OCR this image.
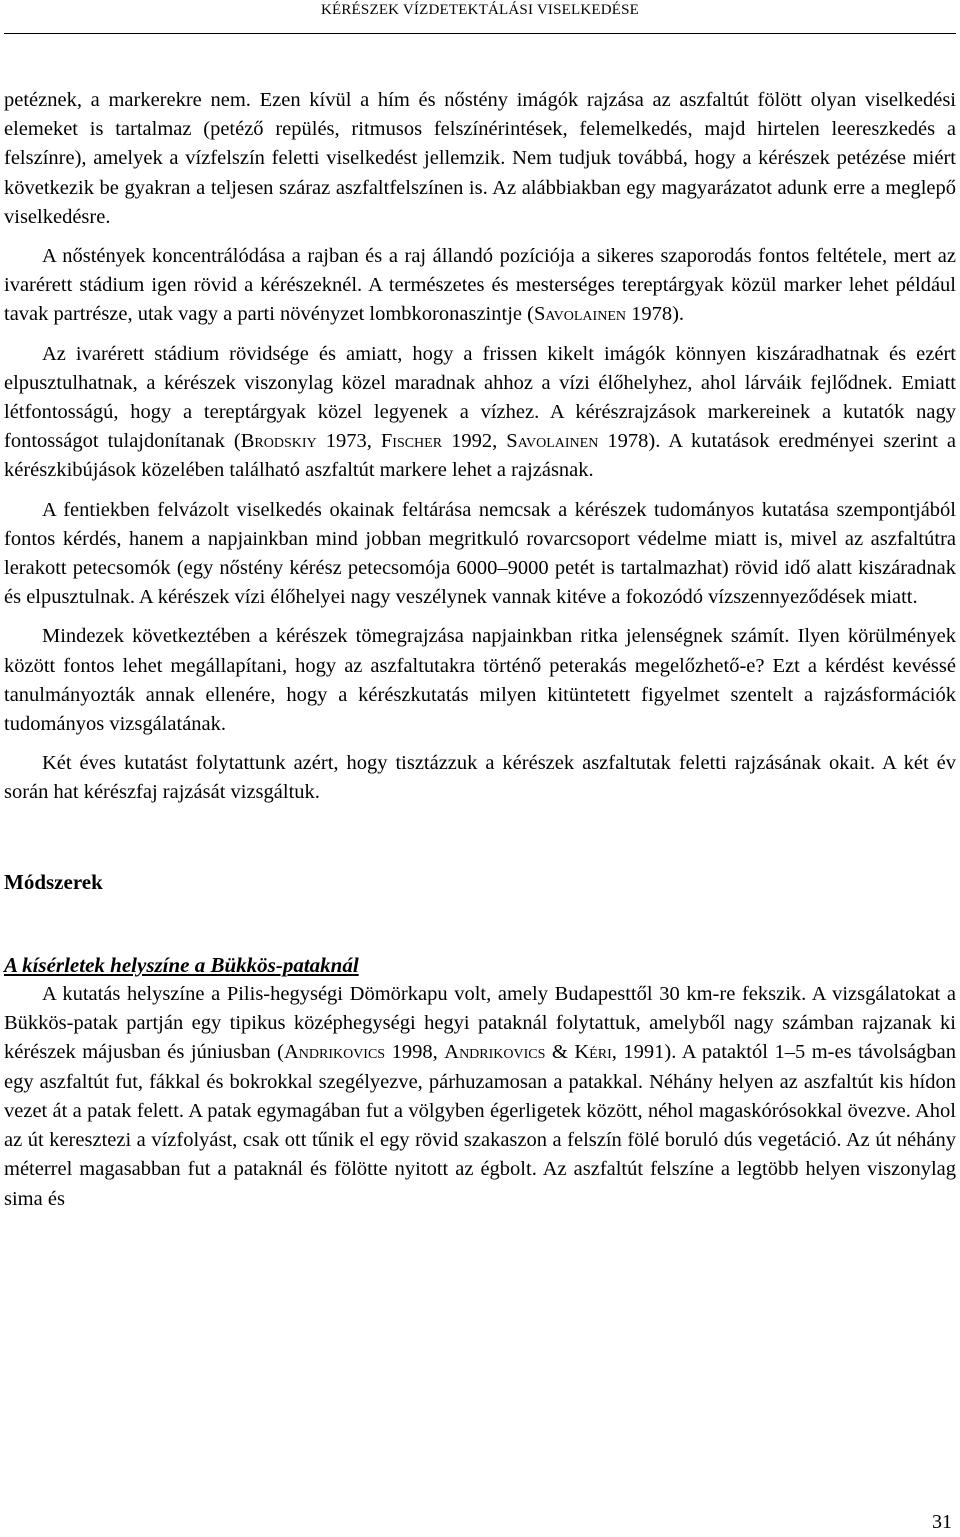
KÉRÉSZEK VÍZDETEKTÁLÁSI VISELKEDÉSE

petéznek, a markerekre nem. Ezen kívül a hím és nőstény imágók rajzása az aszfaltút fölött olyan viselkedési elemeket is tartalmaz (petéző repülés, ritmusos felszínérintések, felemelkedés, majd hirtelen leereszkedés a felszínre), amelyek a vízfelszín feletti viselkedést jellemzik. Nem tudjuk továbbá, hogy a kérészek petézése miért következik be gyakran a teljesen száraz aszfaltfelszínen is. Az alábbiakban egy magyarázatot adunk erre a meglepő viselkedésre.

A nőstények koncentrálódása a rajban és a raj állandó pozíciója a sikeres szaporodás fontos feltétele, mert az ivarérett stádium igen rövid a kérészeknél. A természetes és mesterséges tereptárgyak közül marker lehet például tavak partrésze, utak vagy a parti növényzet lombkoronaszintje (Savolainen 1978).

Az ivarérett stádium rövidsége és amiatt, hogy a frissen kikelt imágók könnyen kiszáradhatnak és ezért elpusztulhatnak, a kérészek viszonylag közel maradnak ahhoz a vízi élőhelyhez, ahol lárváik fejlődnek. Emiatt létfontosságú, hogy a tereptárgyak közel legyenek a vízhez. A kérészrajzások markereinek a kutatók nagy fontosságot tulajdonítanak (Brodskiy 1973, Fischer 1992, Savolainen 1978). A kutatások eredményei szerint a kérészkibújások közelében található aszfaltút markere lehet a rajzásnak.

A fentiekben felvázolt viselkedés okainak feltárása nemcsak a kérészek tudományos kutatása szempontjából fontos kérdés, hanem a napjainkban mind jobban megritkuló rovarcsoport védelme miatt is, mivel az aszfaltútra lerakott petecsomók (egy nőstény kérész petecsomója 6000–9000 petét is tartalmazhat) rövid idő alatt kiszáradnak és elpusztulnak. A kérészek vízi élőhelyei nagy veszélynek vannak kitéve a fokozódó vízszennyeződések miatt.

Mindezek következtében a kérészek tömegrajzása napjainkban ritka jelenségnek számít. Ilyen körülmények között fontos lehet megállapítani, hogy az aszfaltutakra történő peterakás megelőzhető-e? Ezt a kérdést kevéssé tanulmányozták annak ellenére, hogy a kérészkutatás milyen kitüntetett figyelmet szentelt a rajzásformációk tudományos vizsgálatának.

Két éves kutatást folytattunk azért, hogy tisztázzuk a kérészek aszfaltutak feletti rajzásának okait. A két év során hat kérészfaj rajzását vizsgáltuk.

Módszerek

A kísérletek helyszíne a Bükkös-pataknál

A kutatás helyszíne a Pilis-hegységi Dömörkapu volt, amely Budapesttől 30 km-re fekszik. A vizsgálatokat a Bükkös-patak partján egy tipikus középhegységi hegyi pataknál folytattuk, amelyből nagy számban rajzanak ki kérészek májusban és júniusban (Andrikovics 1998, Andrikovics & Kéri, 1991). A pataktól 1–5 m-es távolságban egy aszfaltút fut, fákkal és bokrokkal szegélyezve, párhuzamosan a patakkal. Néhány helyen az aszfaltút kis hídon vezet át a patak felett. A patak egymagában fut a völgyben égerligetek között, néhol magaskórósokkal övezve. Ahol az út keresztezi a vízfolyást, csak ott tűnik el egy rövid szakaszon a felszín fölé boruló dús vegetáció. Az út néhány méterrel magasabban fut a pataknál és fölötte nyitott az égbolt. Az aszfaltút felszíne a legtöbb helyen viszonylag sima és

31
